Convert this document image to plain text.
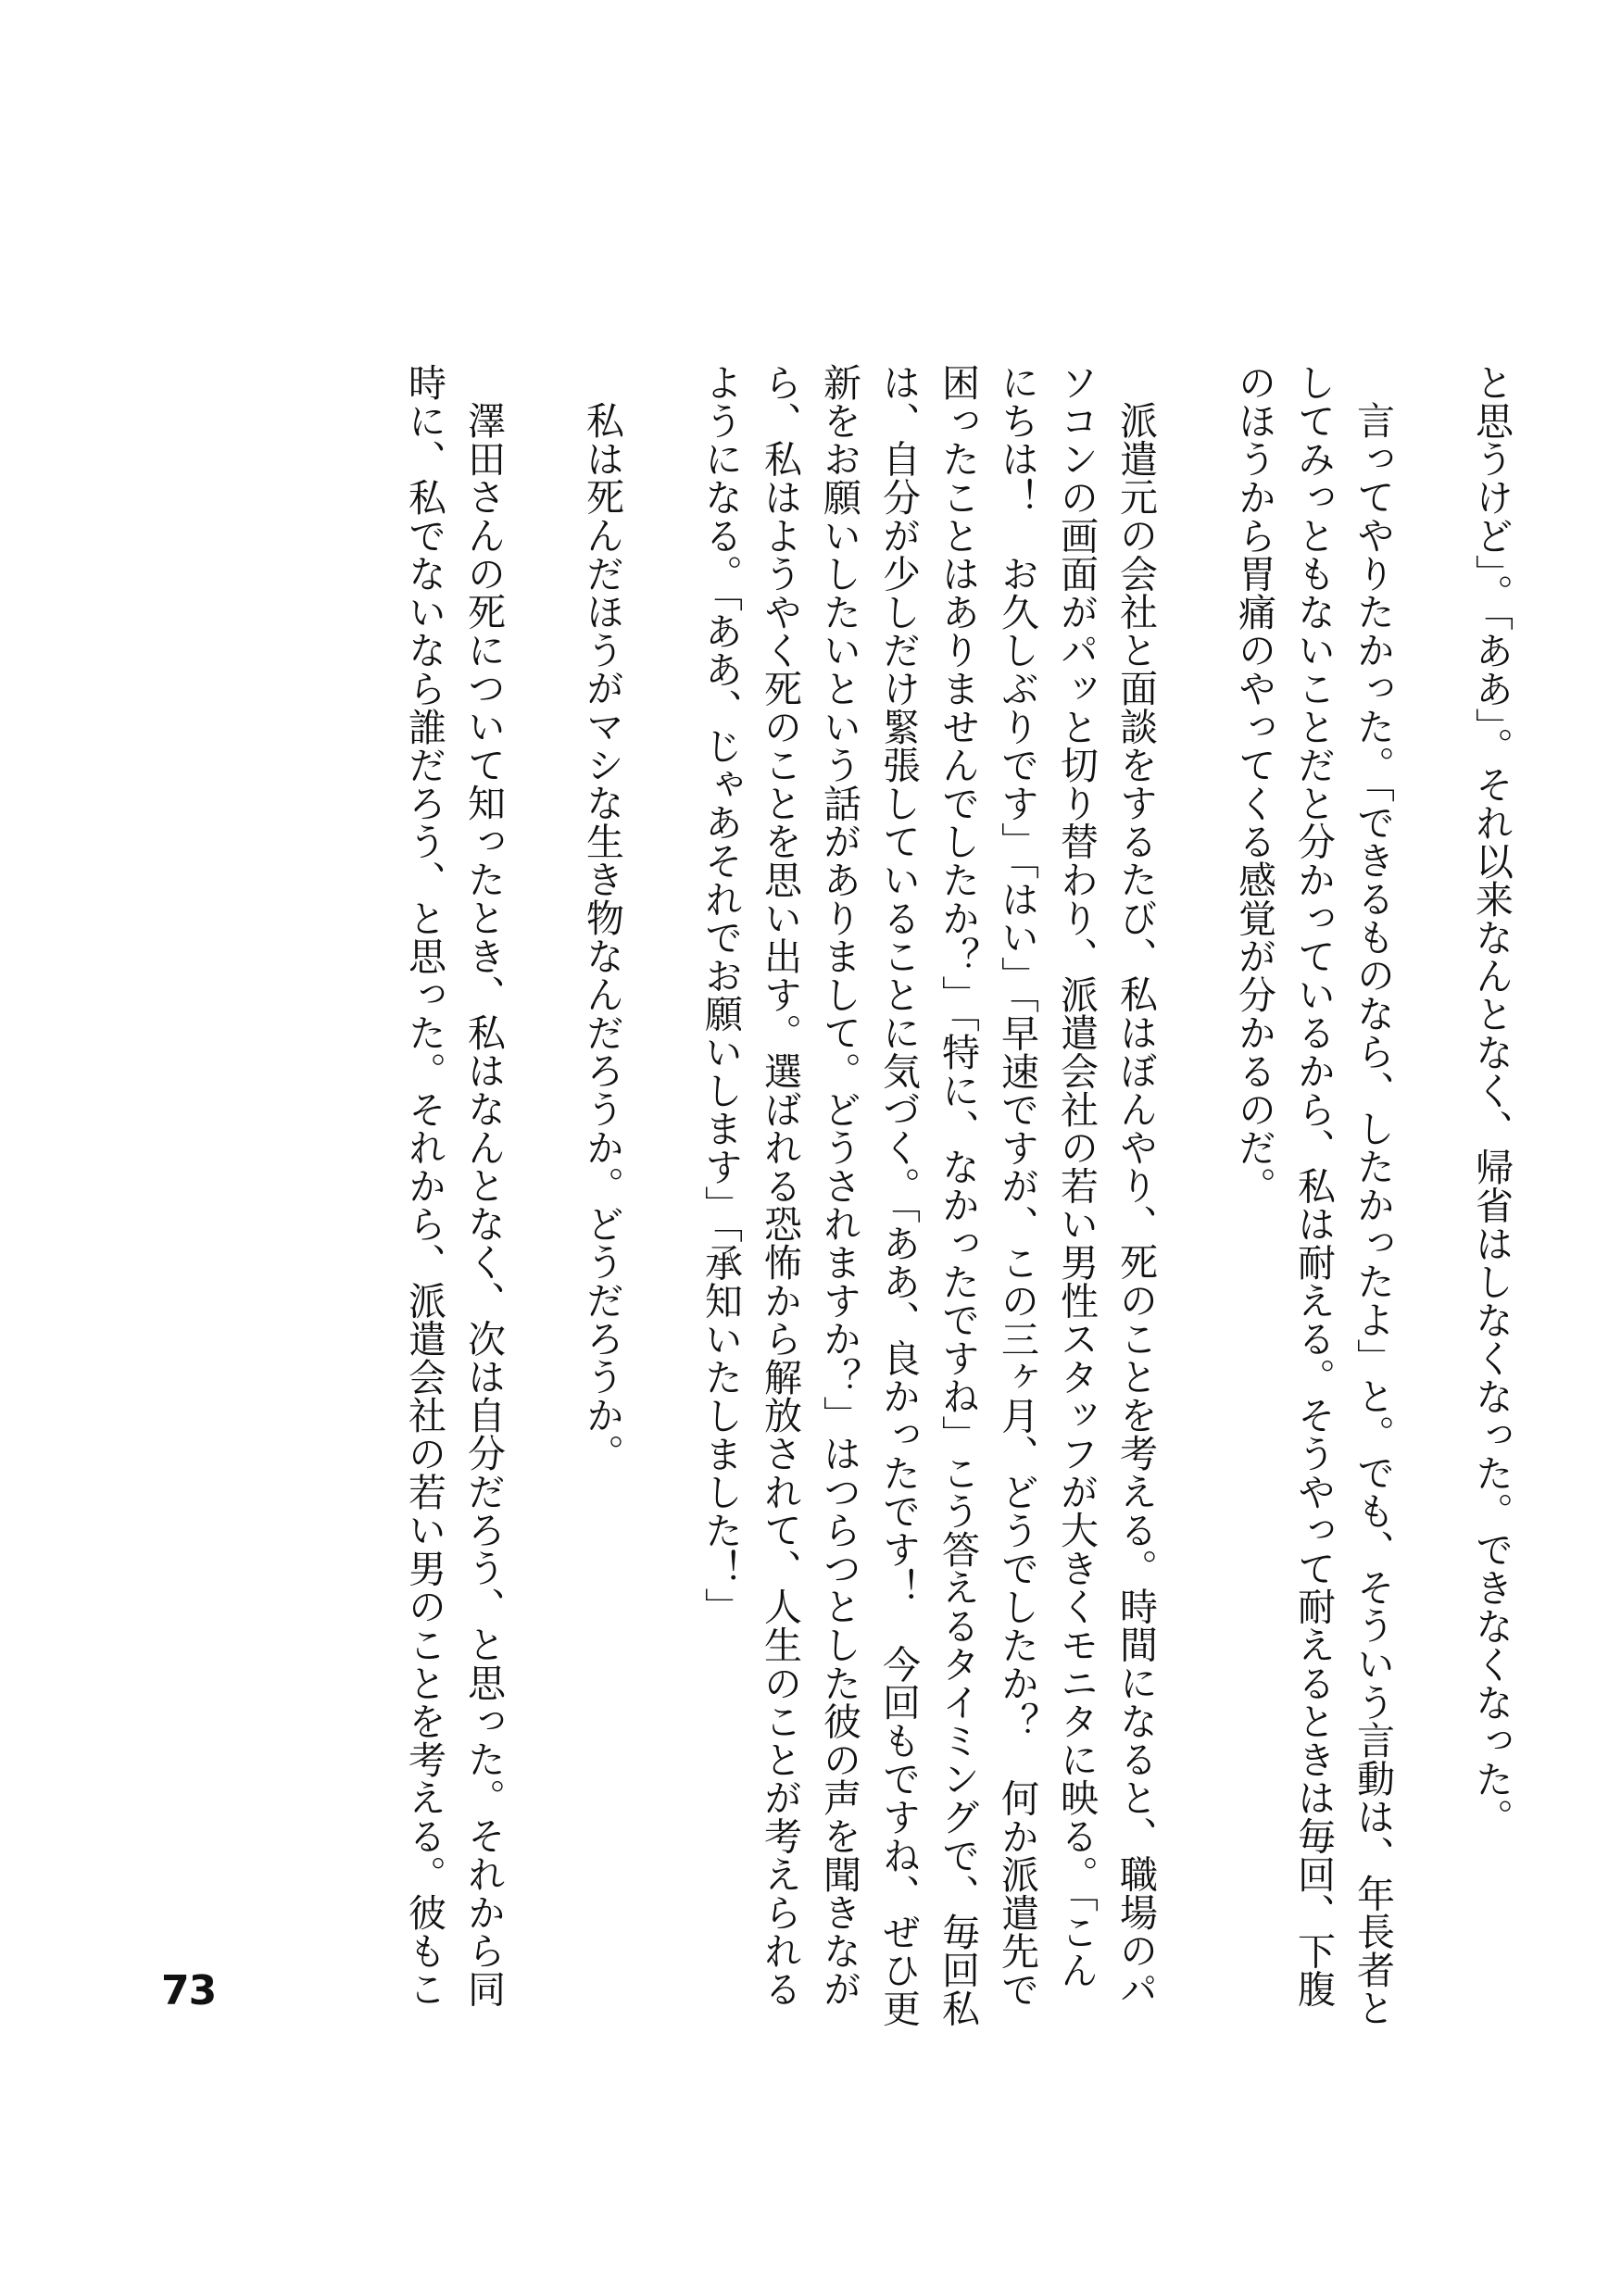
と思うけど」。「ああ」。それ以来なんとなく、帰省はしなくなった。できなくなった。

言ってやりたかった。「できるものなら、したかったよ」と。でも、そういう言動は、年長者と

してみっともないことだと分かっているから、私は耐える。そうやって耐えるときは毎回、下腹

のほうから胃痛のやってくる感覚が分かるのだ。

派遣元の会社と面談をするたび、私はぼんやり、死のことを考える。時間になると、職場のパ

ソコンの画面がパッと切り替わり、派遣会社の若い男性スタッフが大きくモニタに映る。「こん

にちは！　お久しぶりです」「はい」「早速ですが、この三ヶ月、どうでしたか？　何か派遣先で

困ったことはありませんでしたか？」「特に、なかったですね」こう答えるタイミングで、毎回私

は、自分が少しだけ緊張していることに気づく。「ああ、良かったです！　今回もですね、ぜひ更

新をお願いしたいという話がありまして。どうされますか？」はつらつとした彼の声を聞きなが

ら、私はようやく死のことを思い出す。選ばれる恐怖から解放されて、人生のことが考えられる

ようになる。「ああ、じゃあそれでお願いします」「承知いたしました！」

私は死んだほうがマシな生き物なんだろうか。どうだろうか。

澤田さんの死について知ったとき、私はなんとなく、次は自分だろう、と思った。それから同

時に、私でないなら誰だろう、と思った。それから、派遣会社の若い男のことを考える。彼もこ

73
